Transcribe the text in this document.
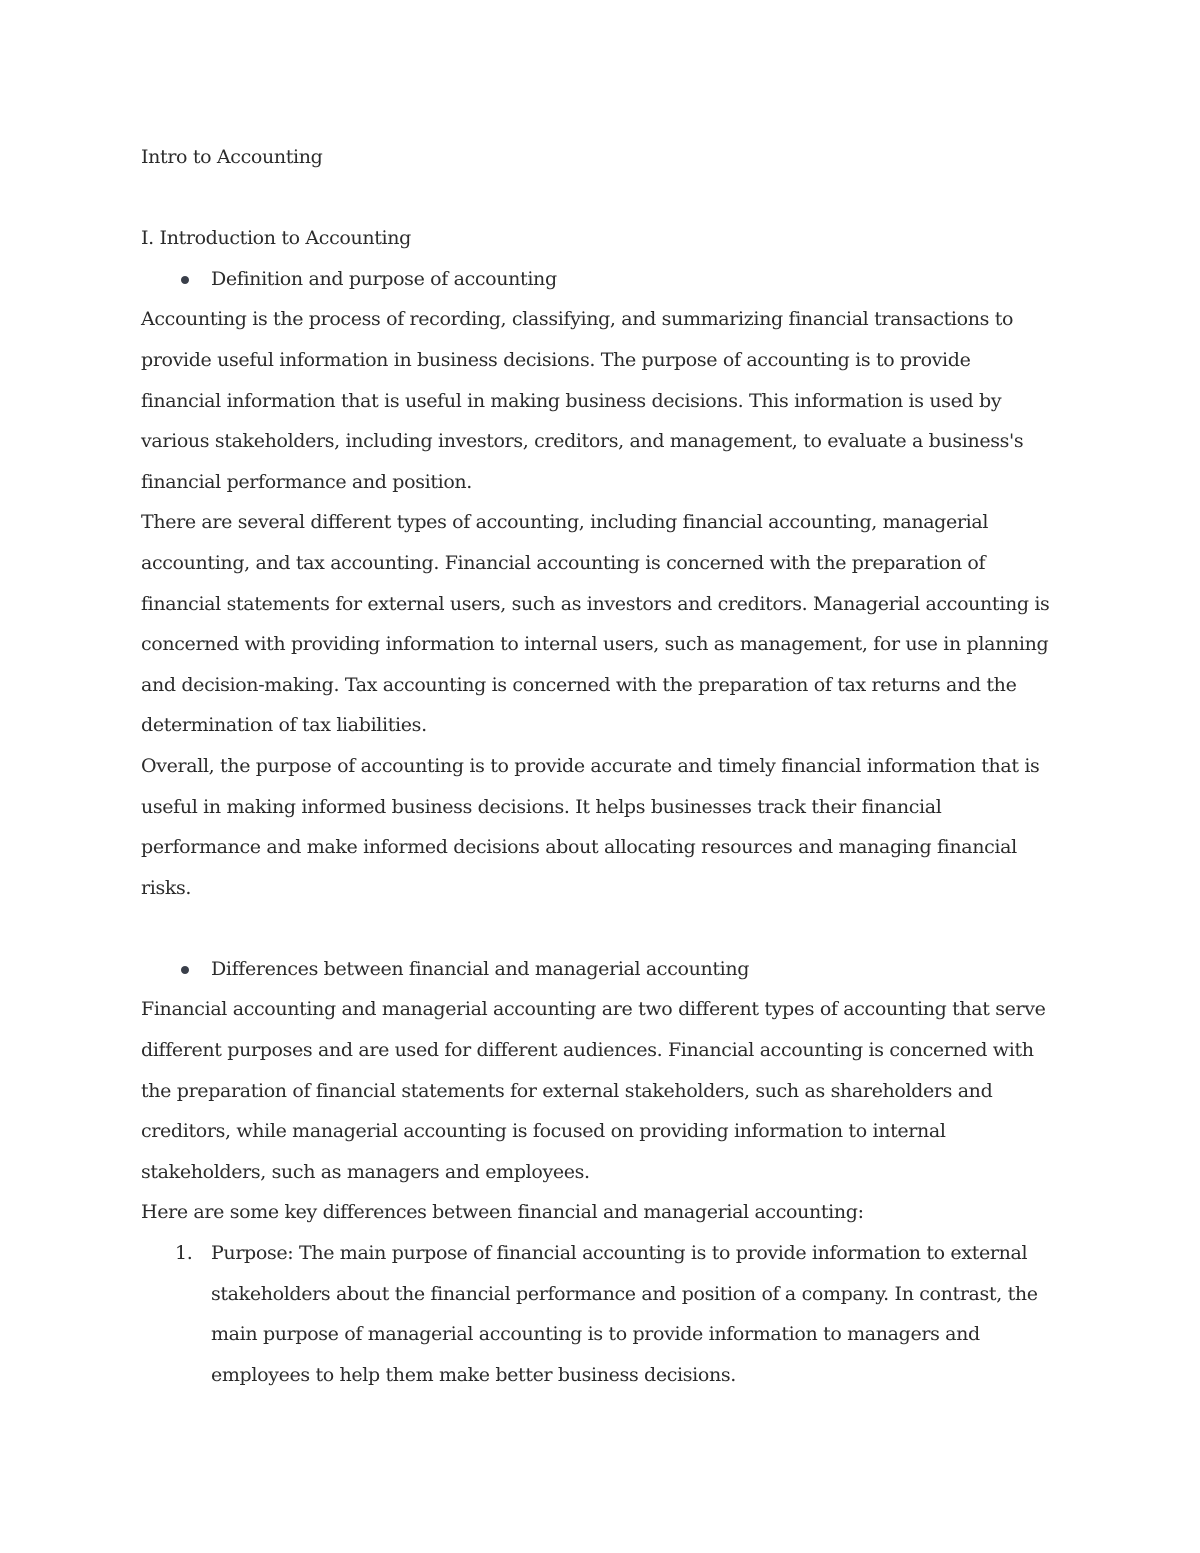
Intro to Accounting

I. Introduction to Accounting

Definition and purpose of accounting

Accounting is the process of recording, classifying, and summarizing financial transactions to

provide useful information in business decisions. The purpose of accounting is to provide

financial information that is useful in making business decisions. This information is used by

various stakeholders, including investors, creditors, and management, to evaluate a business's

financial performance and position.

There are several different types of accounting, including financial accounting, managerial

accounting, and tax accounting. Financial accounting is concerned with the preparation of

financial statements for external users, such as investors and creditors. Managerial accounting is

concerned with providing information to internal users, such as management, for use in planning

and decision-making. Tax accounting is concerned with the preparation of tax returns and the

determination of tax liabilities.

Overall, the purpose of accounting is to provide accurate and timely financial information that is

useful in making informed business decisions. It helps businesses track their financial

performance and make informed decisions about allocating resources and managing financial

risks.

Differences between financial and managerial accounting

Financial accounting and managerial accounting are two different types of accounting that serve

different purposes and are used for different audiences. Financial accounting is concerned with

the preparation of financial statements for external stakeholders, such as shareholders and

creditors, while managerial accounting is focused on providing information to internal

stakeholders, such as managers and employees.

Here are some key differences between financial and managerial accounting:

1. Purpose: The main purpose of financial accounting is to provide information to external

stakeholders about the financial performance and position of a company. In contrast, the

main purpose of managerial accounting is to provide information to managers and

employees to help them make better business decisions.
